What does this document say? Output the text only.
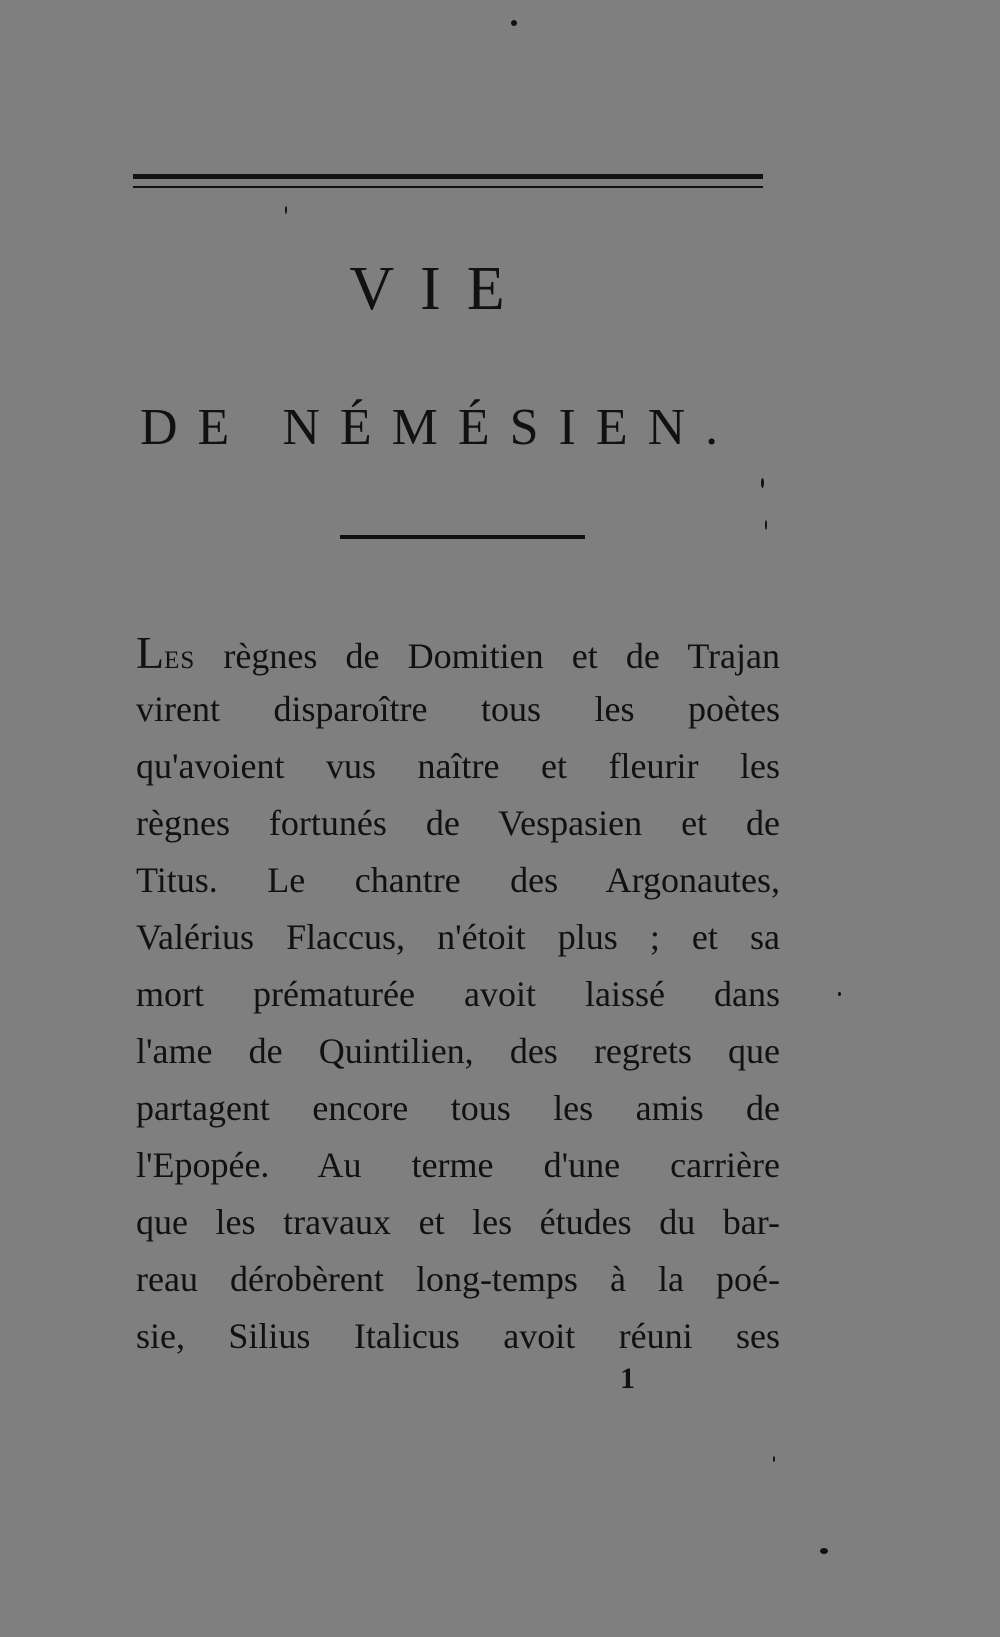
VIE
DE NÉMÉSIEN.
LES règnes de Domitien et de Trajan
virent disparoître tous les poètes
qu'avoient vus naître et fleurir les
règnes fortunés de Vespasien et de
Titus. Le chantre des Argonautes,
Valérius Flaccus, n'étoit plus ; et sa
mort prématurée avoit laissé dans
l'ame de Quintilien, des regrets que
partagent encore tous les amis de
l'Epopée. Au terme d'une carrière
que les travaux et les études du bar-
reau dérobèrent long-temps à la poé-
sie, Silius Italicus avoit réuni ses
1
